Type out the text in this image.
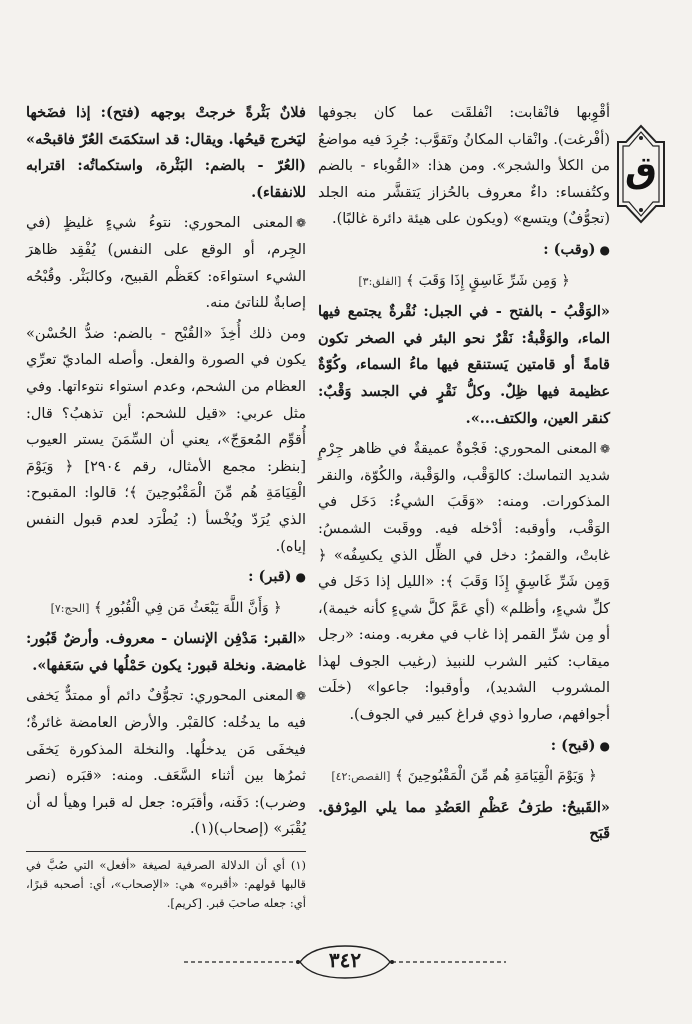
ق

أقْوِبها فانْقابت: انْفلقَت عما كان بجوفها (أفْرغت). وانْقاب المكانُ وتَقوَّب: جُرِدَ فيه مواضعُ من الكلأ والشجر». ومن هذا: «القُوباء - بالضم وكتُفساء: داءٌ معروف بالحُزاز يَتقشَّر منه الجلد (تجوُّفٌ) ويتسع» (ويكون على هيئة دائرة غالبًا).

●(وقب) :

﴿ وَمِن شَرِّ غَاسِقٍ إِذَا وَقَبَ ﴾ [الفلق:٣]

«الوَقْبُ - بالفتح - في الجبل: نُقْرةٌ يجتمع فيها الماء، والوَقْبةُ: نَقْرٌ نحو البئر في الصخر تكون قامةً أو قامتين يَستنقع فيها ماءُ السماء، وكُوّةٌ عظيمة فيها ظِلٌ. وكلُّ نَقْرٍ في الجسد وَقْبٌ: كنقر العين، والكتف...».

❁المعنى المحوري: فَجْوةٌ عميقةٌ في ظاهر جِرْمٍ شديد التماسك: كالوَقْب، والوَقْبة، والكُوّة، والنقر المذكورات. ومنه: «وَقَبَ الشيءُ: دَخَل في الوَقْب، وأوقبه: أدْخله فيه. ووقَبت الشمسُ: غابتْ، والقمرُ: دخل في الظِّل الذي يكسِفُه» ﴿ وَمِن شَرِّ غَاسِقٍ إِذَا وَقَبَ ﴾: «الليل إذا دَخَل في كلِّ شيءٍ، وأظلم» (أي عَمَّ كلَّ شيءٍ كأنه خيمة)، أو مِن شرِّ القمر إذا غاب في مغربه. ومنه: «رجل ميقاب: كثير الشرب للنبيذ (رغيب الجوف لهذا المشروب الشديد)، وأوقبوا: جاعوا» (خلَت أجوافهم، صاروا ذوي فراغ كبير في الجوف).

●(قبح) :

﴿ وَيَوْمَ الْقِيَامَةِ هُم مِّنَ الْمَقْبُوحِينَ ﴾ [القصص:٤٢]

«القَبيحُ: طرَفُ عَظْمِ العَضُدِ مما يلي المِرْفق. قَبَح

فلانٌ بَثْرةً خرجتْ بوجهه (فتح): إذا فضَخها ليَخرج قيحُها. ويقال: قد استكمَتَ العُرّ فاقبحْه» (العُرّ - بالضم: البَثْرة، واستكماتُه: اقترابه للانفقاء).

❁المعنى المحوري: نتوءُ شيءٍ غليظٍ (في الجِرم، أو الوقع على النفس) يُفْقِد ظاهرَ الشيء استواءَه: كعَظْم القبيح، وكالبَثْر. وقُبْحُه إصابةٌ للناتئ منه.

ومن ذلك أُخِذَ «القُبْح - بالضم: ضدُّ الحُسْن» يكون في الصورة والفعل. وأصله الماديّ تعرِّي العظام من الشحم، وعدم استواء نتوءاتها. وفي مثل عربي: «قيل للشحم: أين تذهبُ؟ قال: أُقوِّم المُعوَجّ»، يعني أن السِّمَنَ يستر العيوب [بنظر: مجمع الأمثال، رقم ٢٩٠٤] ﴿ وَيَوْمَ الْقِيَامَةِ هُم مِّنَ الْمَقْبُوحِينَ ﴾؛ قالوا: المقبوح: الذي يُرَدّ ويُخْسأ (: يُطْرَد لعدم قبول النفس إياه).

●(قبر) :

﴿ وَأَنَّ اللَّهَ يَبْعَثُ مَن فِي الْقُبُورِ ﴾ [الحج:٧]

«القبر: مَدْفِن الإنسان - معروف. وأرضٌ قَبُور: غامضة. ونخلة قبور: يكون حَمْلُها في سَعَفها».

❁المعنى المحوري: تجوُّفٌ دائم أو ممتدٌّ يَخفى فيه ما يدخُله: كالقبْر. والأرض العامضة غائرةٌ؛ فيخفَى مَن يدخلُها. والنخلة المذكورة يَخفَى ثمرُها بين أثناء السَّعَف. ومنه: «قبَره (نصر وضرب): دَفَنه، وأقبَره: جعل له قبرا وهيأ له أن يُقْبَر» (إصحاب)(١).

(١) أي أن الدلالة الصرفية لصيغة «أفعل» التي صُبَّ في قالبها قولهم: «أقبره» هي: «الإصحاب»، أي: أصحبه قبرًا، أي: جعله صاحبَ قبر. [كريم].
٣٤٢
